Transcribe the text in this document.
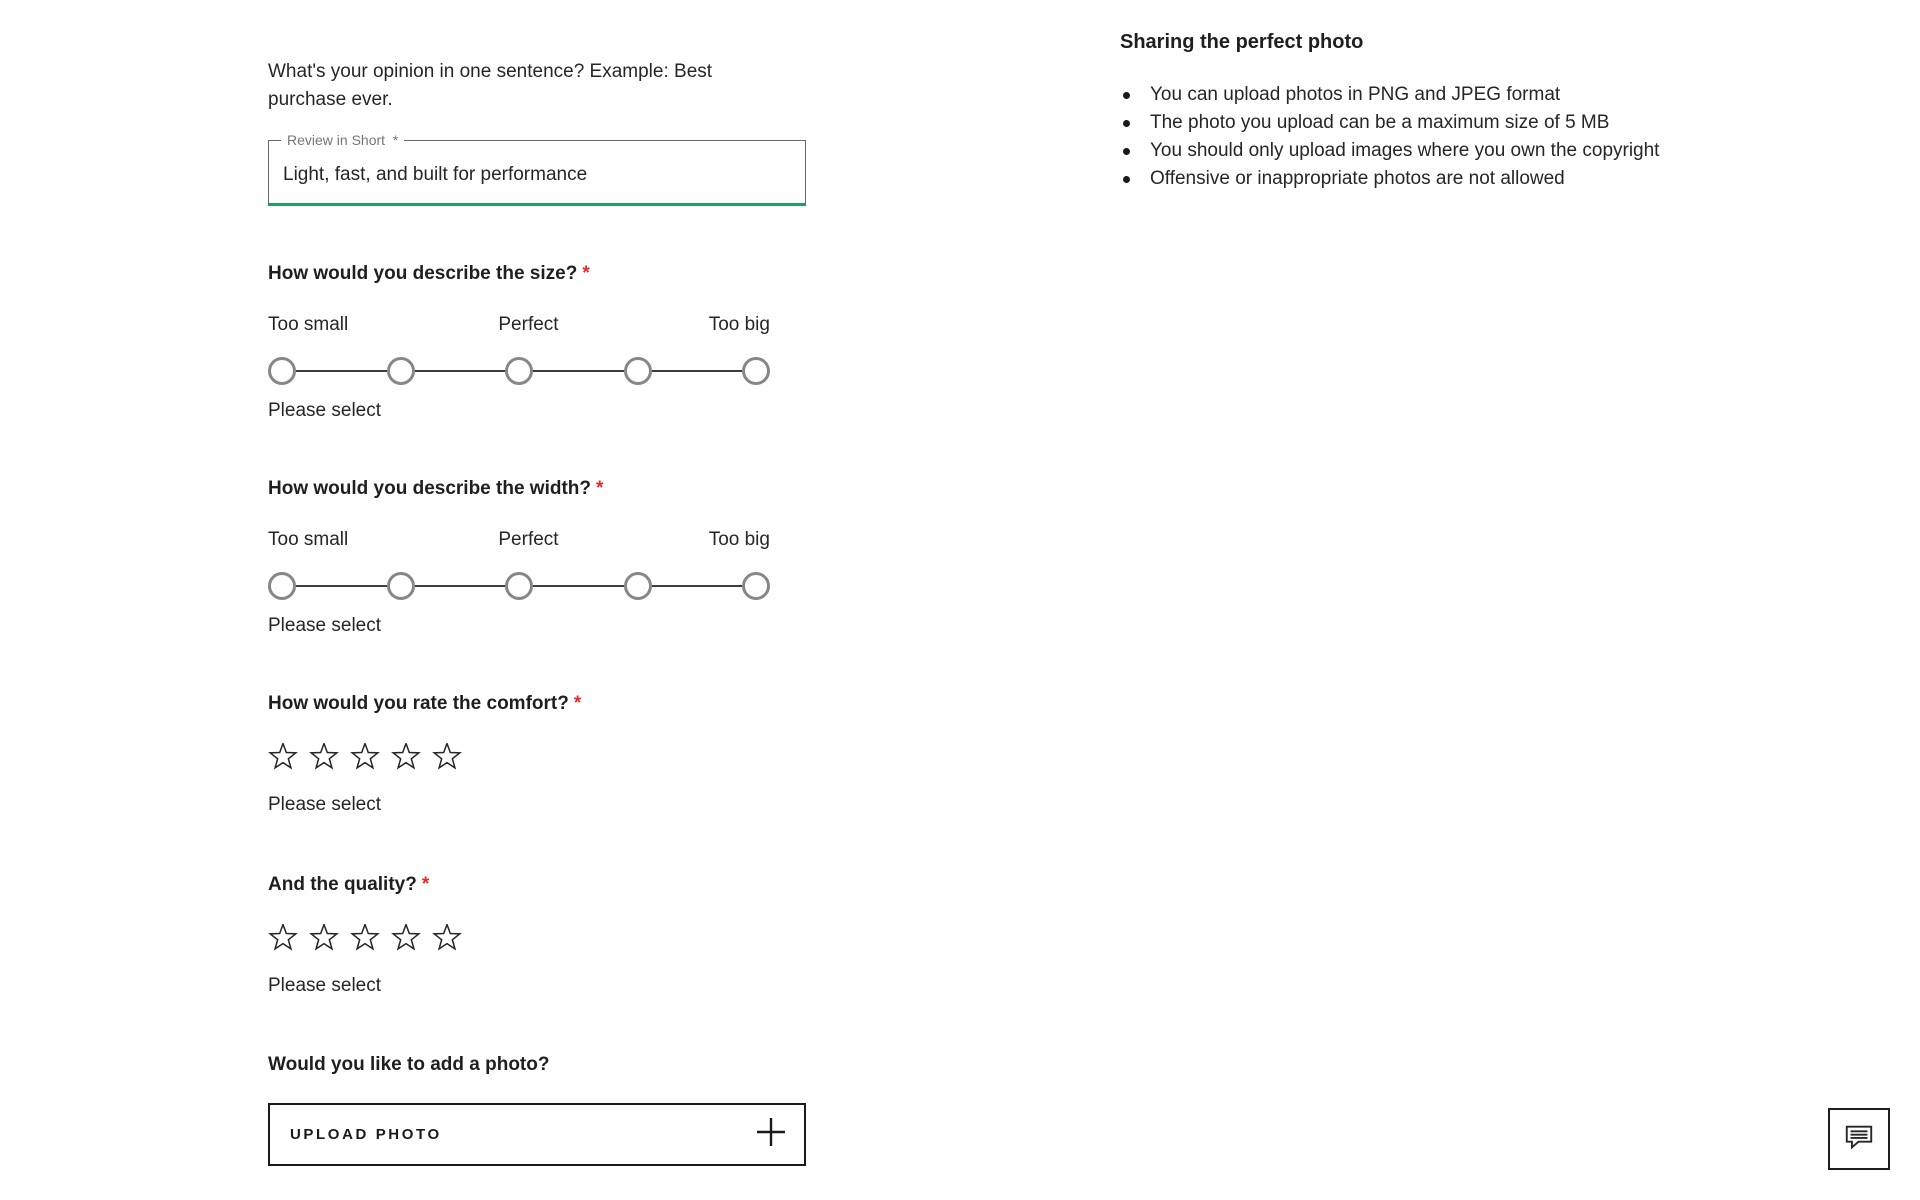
What's your opinion in one sentence? Example: Best purchase ever.

Review in Short *
Light, fast, and built for performance
How would you describe the size? *
Too small	Perfect	Too big
Please select
How would you describe the width? *
Too small	Perfect	Too big
Please select
How would you rate the comfort? *
Please select
And the quality? *
Please select
Would you like to add a photo?
UPLOAD PHOTO
Sharing the perfect photo
You can upload photos in PNG and JPEG format
The photo you upload can be a maximum size of 5 MB
You should only upload images where you own the copyright
Offensive or inappropriate photos are not allowed
